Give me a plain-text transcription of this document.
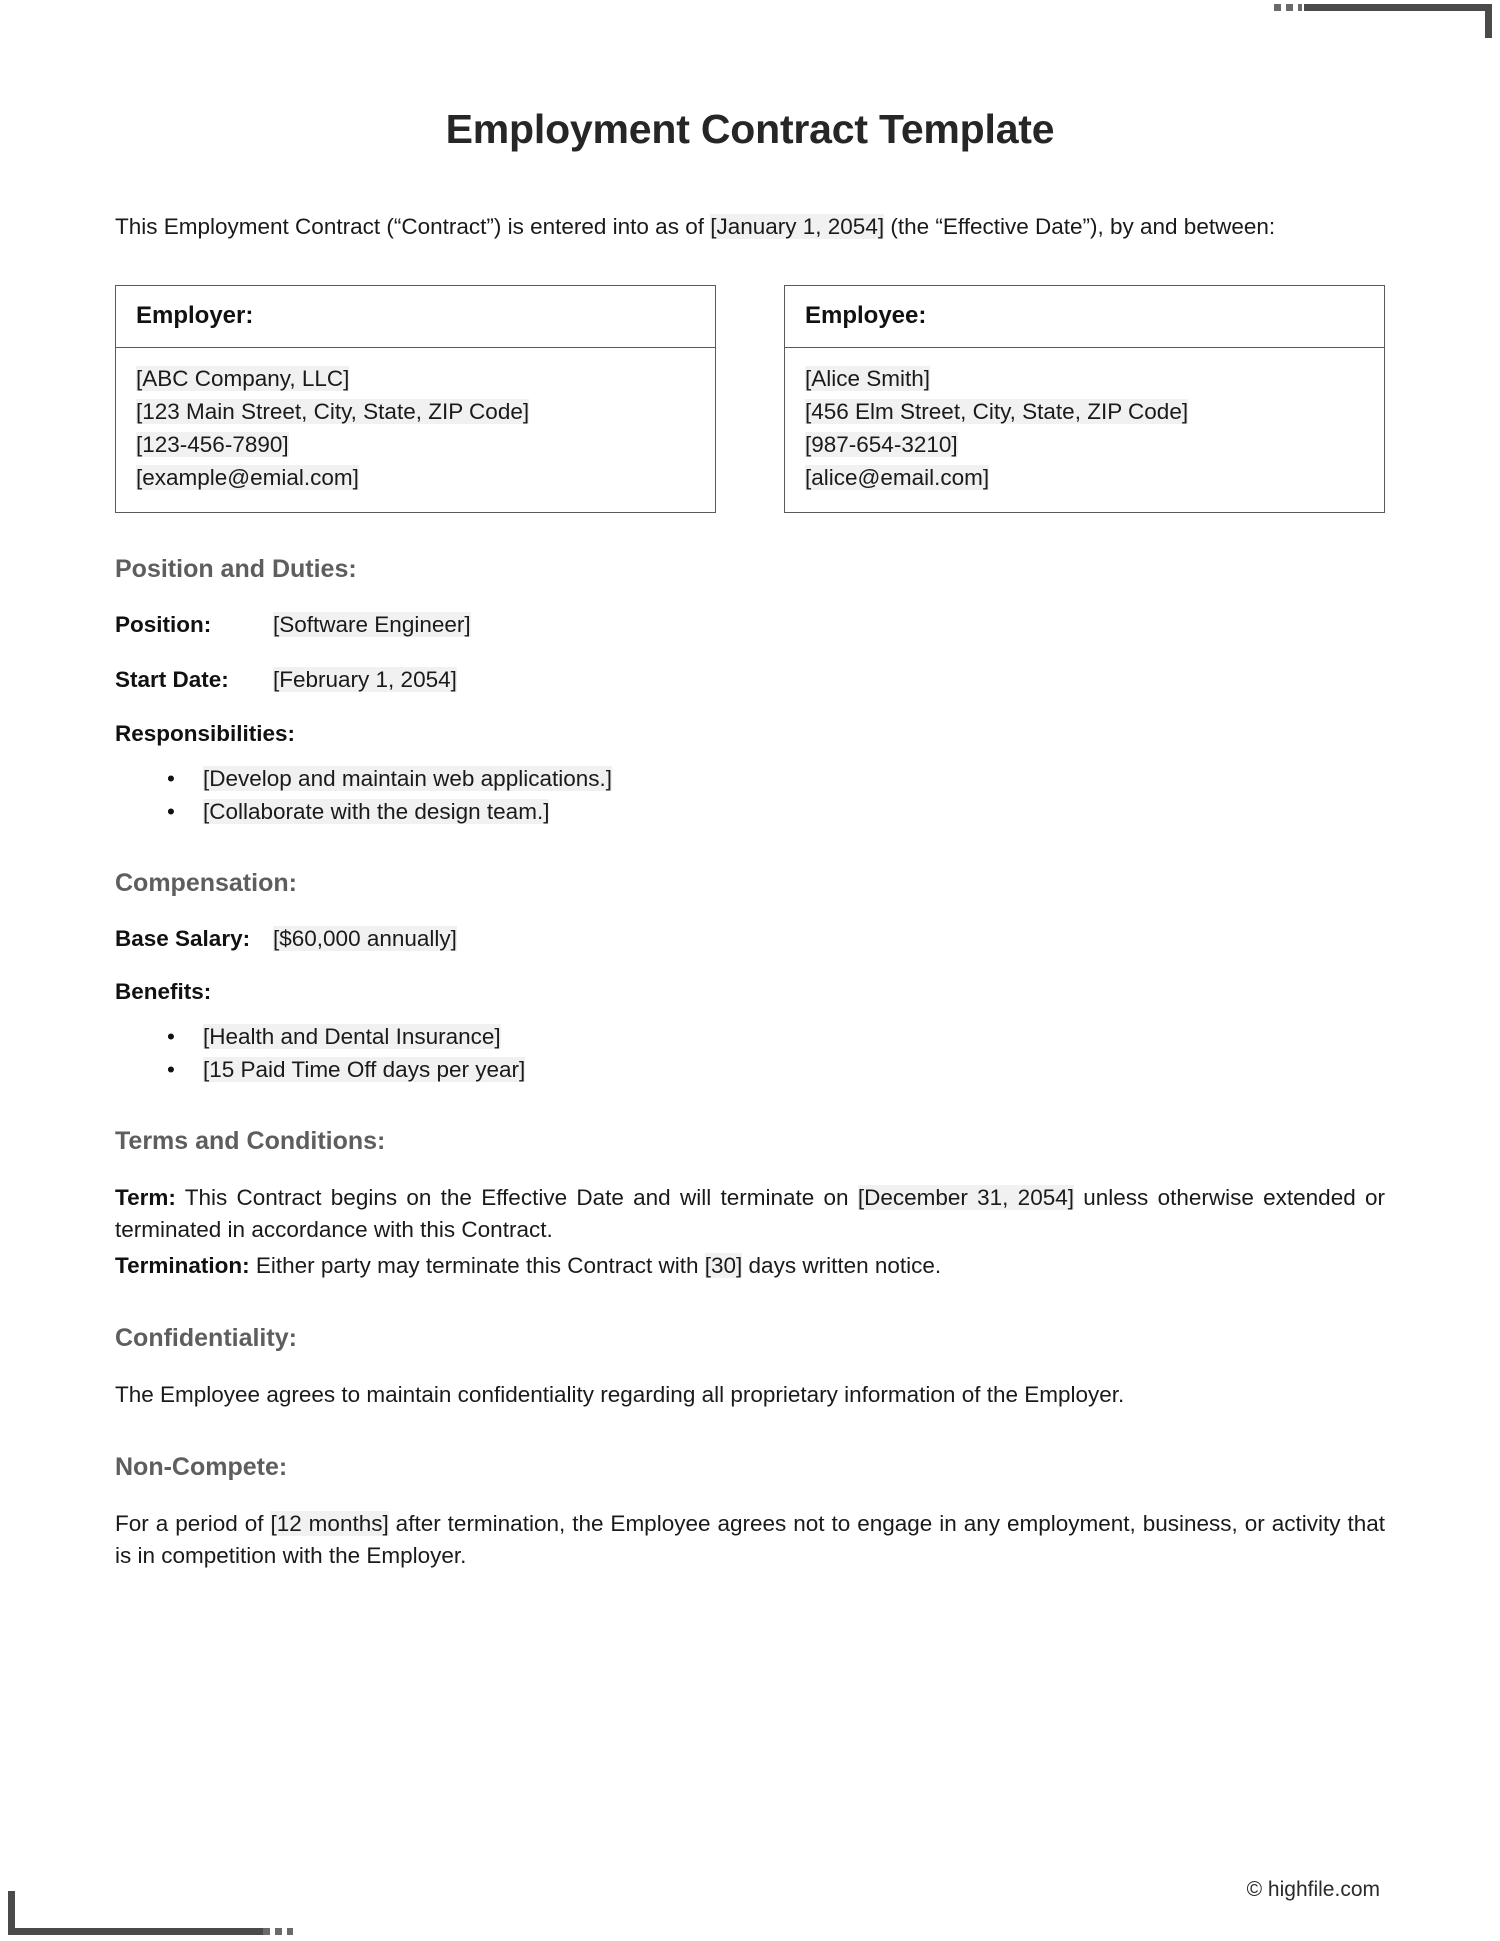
Employment Contract Template

This Employment Contract (“Contract”) is entered into as of [January 1, 2054] (the “Effective Date”), by and between:

Employer:
[ABC Company, LLC]
[123 Main Street, City, State, ZIP Code]
[123-456-7890]
[example@emial.com]
Employee:
[Alice Smith]
[456 Elm Street, City, State, ZIP Code]
[987-654-3210]
[alice@email.com]
Position and Duties:
Position:	[Software Engineer]
Start Date:	[February 1, 2054]
Responsibilities:
• [Develop and maintain web applications.]
• [Collaborate with the design team.]
Compensation:
Base Salary:	[$60,000 annually]
Benefits:
• [Health and Dental Insurance]
• [15 Paid Time Off days per year]
Terms and Conditions:

Term: This Contract begins on the Effective Date and will terminate on [December 31, 2054] unless otherwise extended or terminated in accordance with this Contract.

Termination: Either party may terminate this Contract with [30] days written notice.

Confidentiality:

The Employee agrees to maintain confidentiality regarding all proprietary information of the Employer.

Non-Compete:

For a period of [12 months] after termination, the Employee agrees not to engage in any employment, business, or activity that is in competition with the Employer.

© highfile.com
